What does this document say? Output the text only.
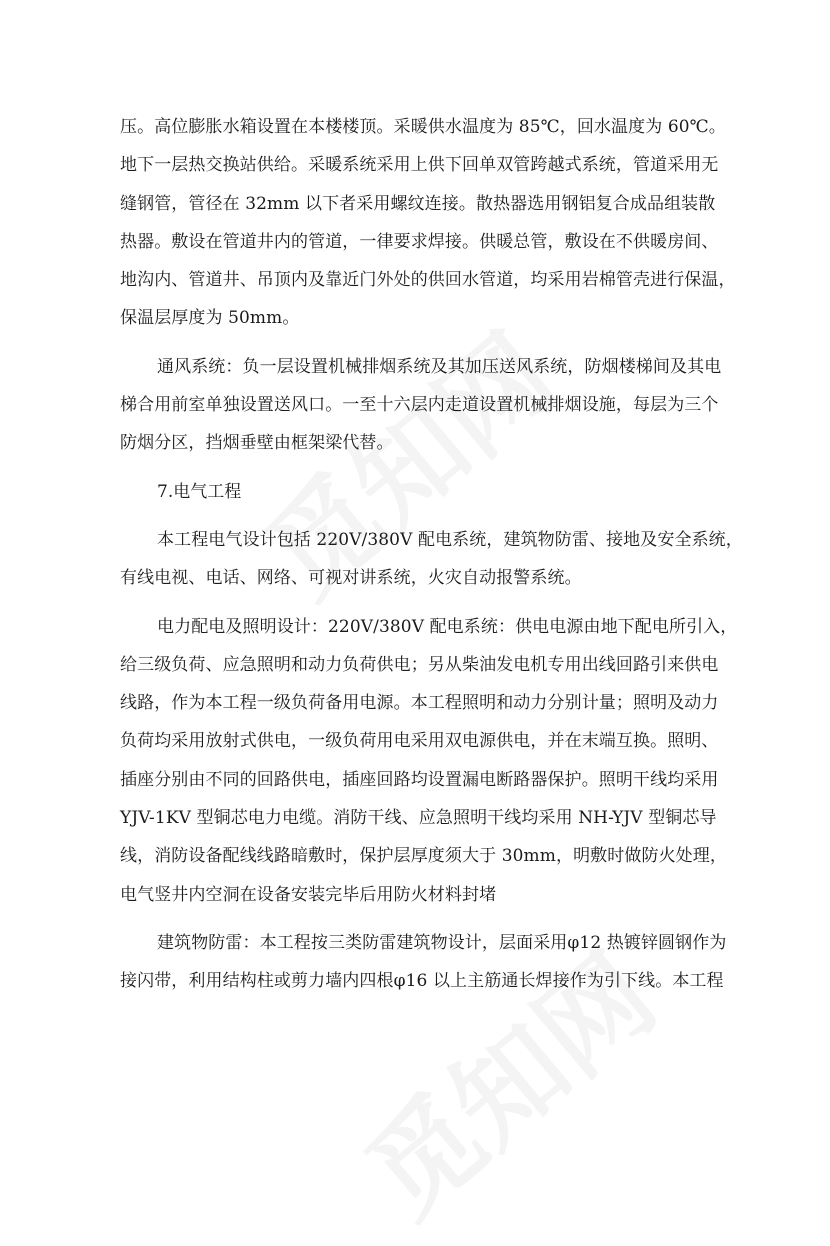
压。高位膨胀水箱设置在本楼楼顶。采暖供水温度为 85℃，回水温度为 60℃。
地下一层热交换站供给。采暖系统采用上供下回单双管跨越式系统，管道采用无
缝钢管，管径在 32mm 以下者采用螺纹连接。散热器选用钢铝复合成品组装散
热器。敷设在管道井内的管道，一律要求焊接。供暖总管，敷设在不供暖房间、
地沟内、管道井、吊顶内及靠近门外处的供回水管道，均采用岩棉管壳进行保温，
保温层厚度为 50mm。

通风系统：负一层设置机械排烟系统及其加压送风系统，防烟楼梯间及其电
梯合用前室单独设置送风口。一至十六层内走道设置机械排烟设施，每层为三个
防烟分区，挡烟垂壁由框架梁代替。

7.电气工程

本工程电气设计包括 220V/380V 配电系统，建筑物防雷、接地及安全系统，
有线电视、电话、网络、可视对讲系统，火灾自动报警系统。

电力配电及照明设计：220V/380V 配电系统：供电电源由地下配电所引入，
给三级负荷、应急照明和动力负荷供电；另从柴油发电机专用出线回路引来供电
线路，作为本工程一级负荷备用电源。本工程照明和动力分别计量；照明及动力
负荷均采用放射式供电，一级负荷用电采用双电源供电，并在末端互换。照明、
插座分别由不同的回路供电，插座回路均设置漏电断路器保护。照明干线均采用
YJV-1KV 型铜芯电力电缆。消防干线、应急照明干线均采用 NH-YJV 型铜芯导
线，消防设备配线线路暗敷时，保护层厚度须大于 30mm，明敷时做防火处理，
电气竖井内空洞在设备安装完毕后用防火材料封堵

建筑物防雷：本工程按三类防雷建筑物设计，层面采用φ12 热镀锌圆钢作为
接闪带，利用结构柱或剪力墙内四根φ16 以上主筋通长焊接作为引下线。本工程
